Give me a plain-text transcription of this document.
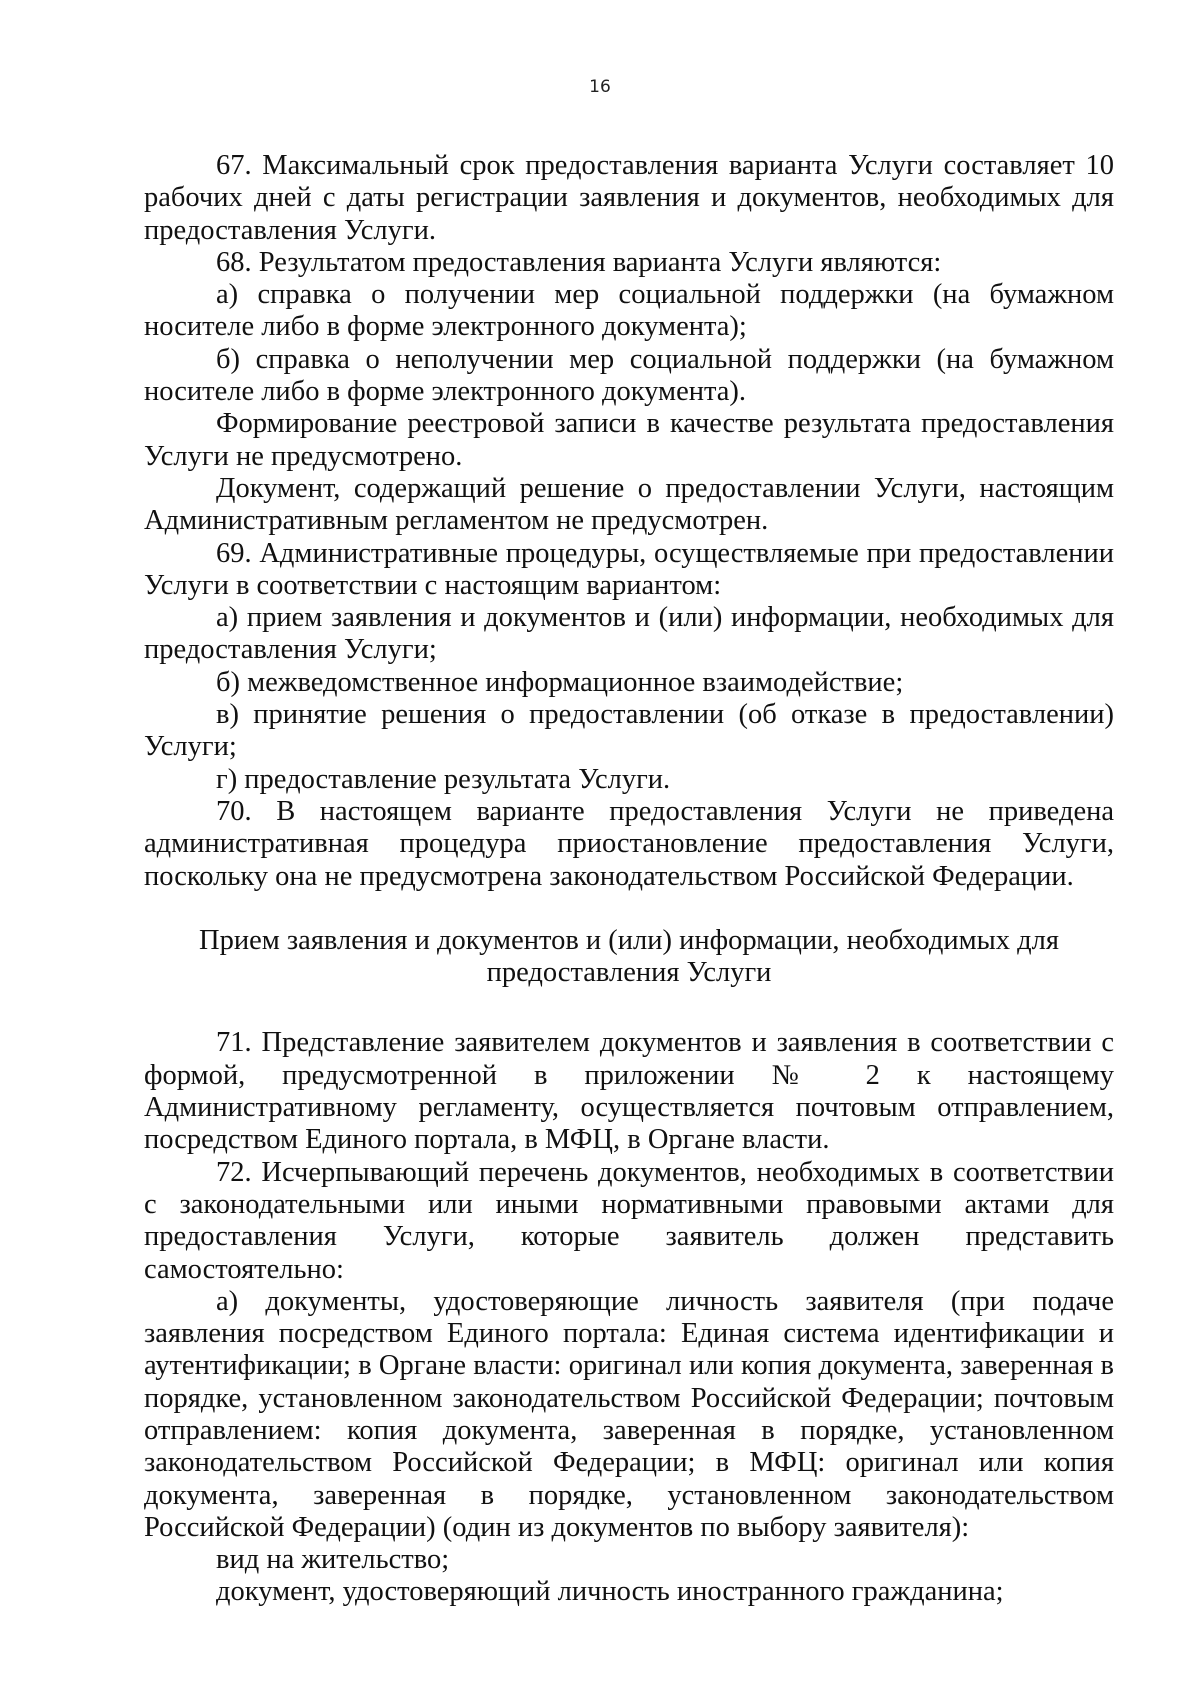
16

67. Максимальный срок предоставления варианта Услуги составляет 10 рабочих дней с даты регистрации заявления и документов, необходимых для предоставления Услуги.

68. Результатом предоставления варианта Услуги являются:

а) справка о получении мер социальной поддержки (на бумажном носителе либо в форме электронного документа);

б) справка о неполучении мер социальной поддержки (на бумажном носителе либо в форме электронного документа).

Формирование реестровой записи в качестве результата предоставления Услуги не предусмотрено.

Документ, содержащий решение о предоставлении Услуги, настоящим Административным регламентом не предусмотрен.

69. Административные процедуры, осуществляемые при предоставлении Услуги в соответствии с настоящим вариантом:

а) прием заявления и документов и (или) информации, необходимых для предоставления Услуги;

б) межведомственное информационное взаимодействие;

в) принятие решения о предоставлении (об отказе в предоставлении) Услуги;

г) предоставление результата Услуги.

70. В настоящем варианте предоставления Услуги не приведена административная процедура приостановление предоставления Услуги, поскольку она не предусмотрена законодательством Российской Федерации.

Прием заявления и документов и (или) информации, необходимых для

предоставления Услуги

71. Представление заявителем документов и заявления в соответствии с формой, предусмотренной в приложении № 2 к настоящему Административному регламенту, осуществляется почтовым отправлением, посредством Единого портала, в МФЦ, в Органе власти.

72. Исчерпывающий перечень документов, необходимых в соответствии с законодательными или иными нормативными правовыми актами для предоставления Услуги, которые заявитель должен представить самостоятельно:

а) документы, удостоверяющие личность заявителя (при подаче заявления посредством Единого портала: Единая система идентификации и аутентификации; в Органе власти: оригинал или копия документа, заверенная в порядке, установленном законодательством Российской Федерации; почтовым отправлением: копия документа, заверенная в порядке, установленном законодательством Российской Федерации; в МФЦ: оригинал или копия документа, заверенная в порядке, установленном законодательством Российской Федерации) (один из документов по выбору заявителя):

вид на жительство;

документ, удостоверяющий личность иностранного гражданина;
